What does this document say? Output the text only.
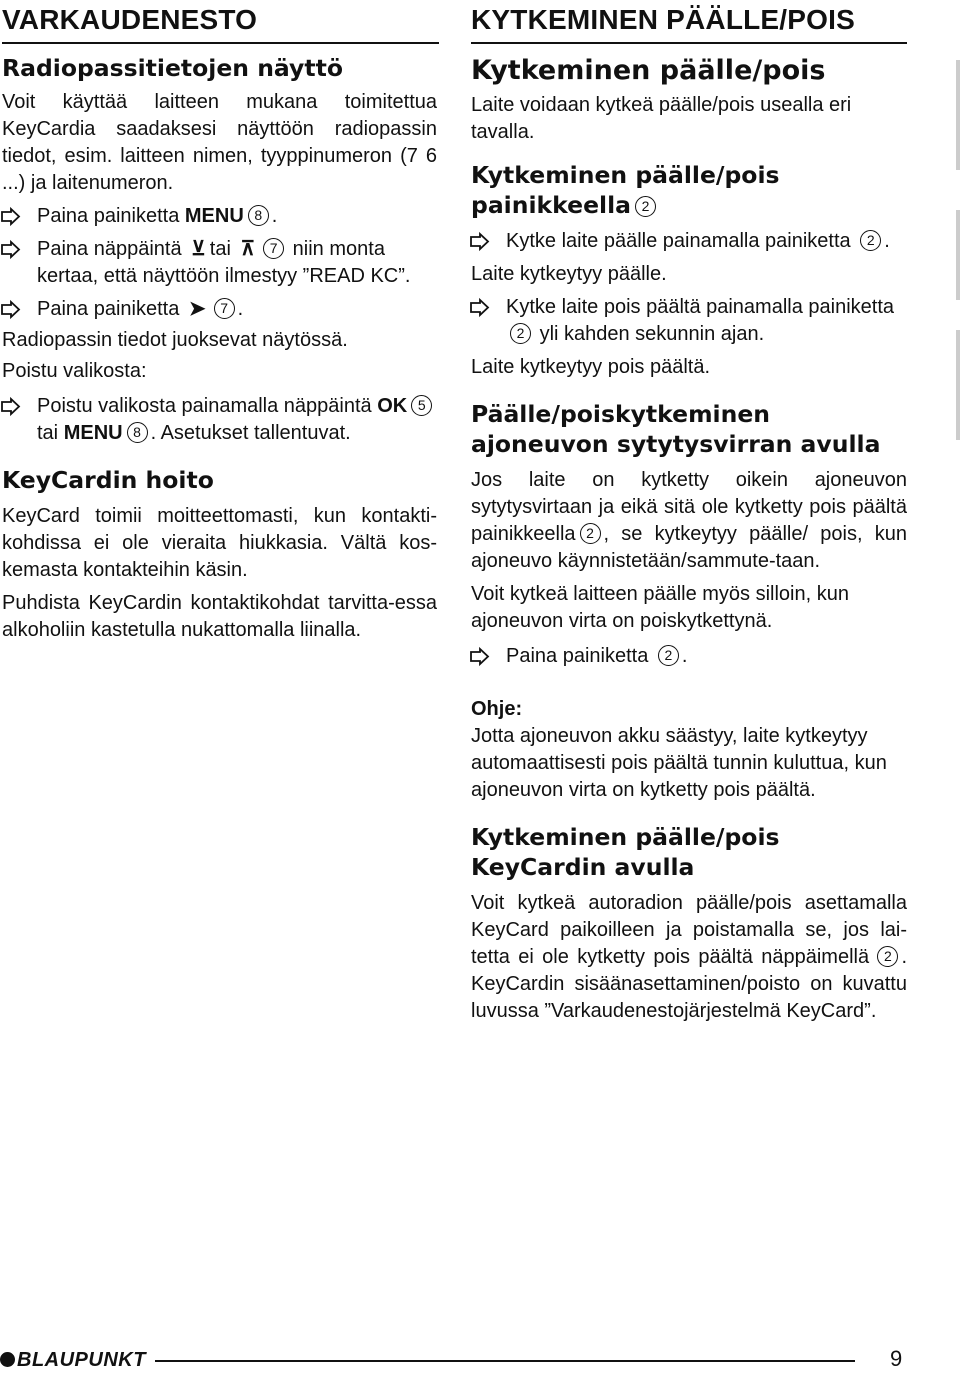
VARKAUDENESTO
Radiopassitietojen näyttö

Voit käyttää laitteen mukana toimitettua KeyCardia saadaksesi näyttöön radiopassin tiedot, esim. laitteen nimen, tyyppinumeron (7 6 ...) ja laitenumeron.

Paina painiketta MENU 8 .
Paina näppäintä ⊻ tai ⊼ 7 niin monta kertaa, että näyttöön ilmestyy ”READ KC”.
Paina painiketta ➤ 7 .

Radiopassin tiedot juoksevat näytössä.

Poistu valikosta:

Poistu valikosta painamalla näppäintä OK 5 tai MENU 8 . Asetukset tallentuvat.
KeyCardin hoito

KeyCard toimii moitteettomasti, kun kontakti-kohdissa ei ole vieraita hiukkasia. Vältä kos-kemasta kontakteihin käsin.

Puhdista KeyCardin kontaktikohdat tarvitta-essa alkoholiin kastetulla nukattomalla liinalla.

KYTKEMINEN PÄÄLLE/POIS
Kytkeminen päälle/pois

Laite voidaan kytkeä päälle/pois usealla eri tavalla.

Kytkeminen päälle/pois painikkeella 2
Kytke laite päälle painamalla painiketta 2 .

Laite kytkeytyy päälle.

Kytke laite pois päältä painamalla painiketta 2 yli kahden sekunnin ajan.

Laite kytkeytyy pois päältä.

Päälle/poiskytkeminen ajoneuvon sytytysvirran avulla

Jos laite on kytketty oikein ajoneuvon sytytysvirtaan ja eikä sitä ole kytketty pois päältä painikkeella 2 , se kytkeytyy päälle/ pois, kun ajoneuvo käynnistetään/sammute-taan.

Voit kytkeä laitteen päälle myös silloin, kun ajoneuvon virta on poiskytkettynä.

Paina painiketta 2 .
Ohje:

Jotta ajoneuvon akku säästyy, laite kytkeytyy automaattisesti pois päältä tunnin kuluttua, kun ajoneuvon virta on kytketty pois päältä.

Kytkeminen päälle/pois KeyCardin avulla

Voit kytkeä autoradion päälle/pois asettamalla KeyCard paikoilleen ja poistamalla se, jos lai-tetta ei ole kytketty pois päältä näppäimellä 2 . KeyCardin sisäänasettaminen/poisto on kuvattu luvussa ”Varkaudenestojärjestelmä KeyCard”.

BLAUPUNKT	9
